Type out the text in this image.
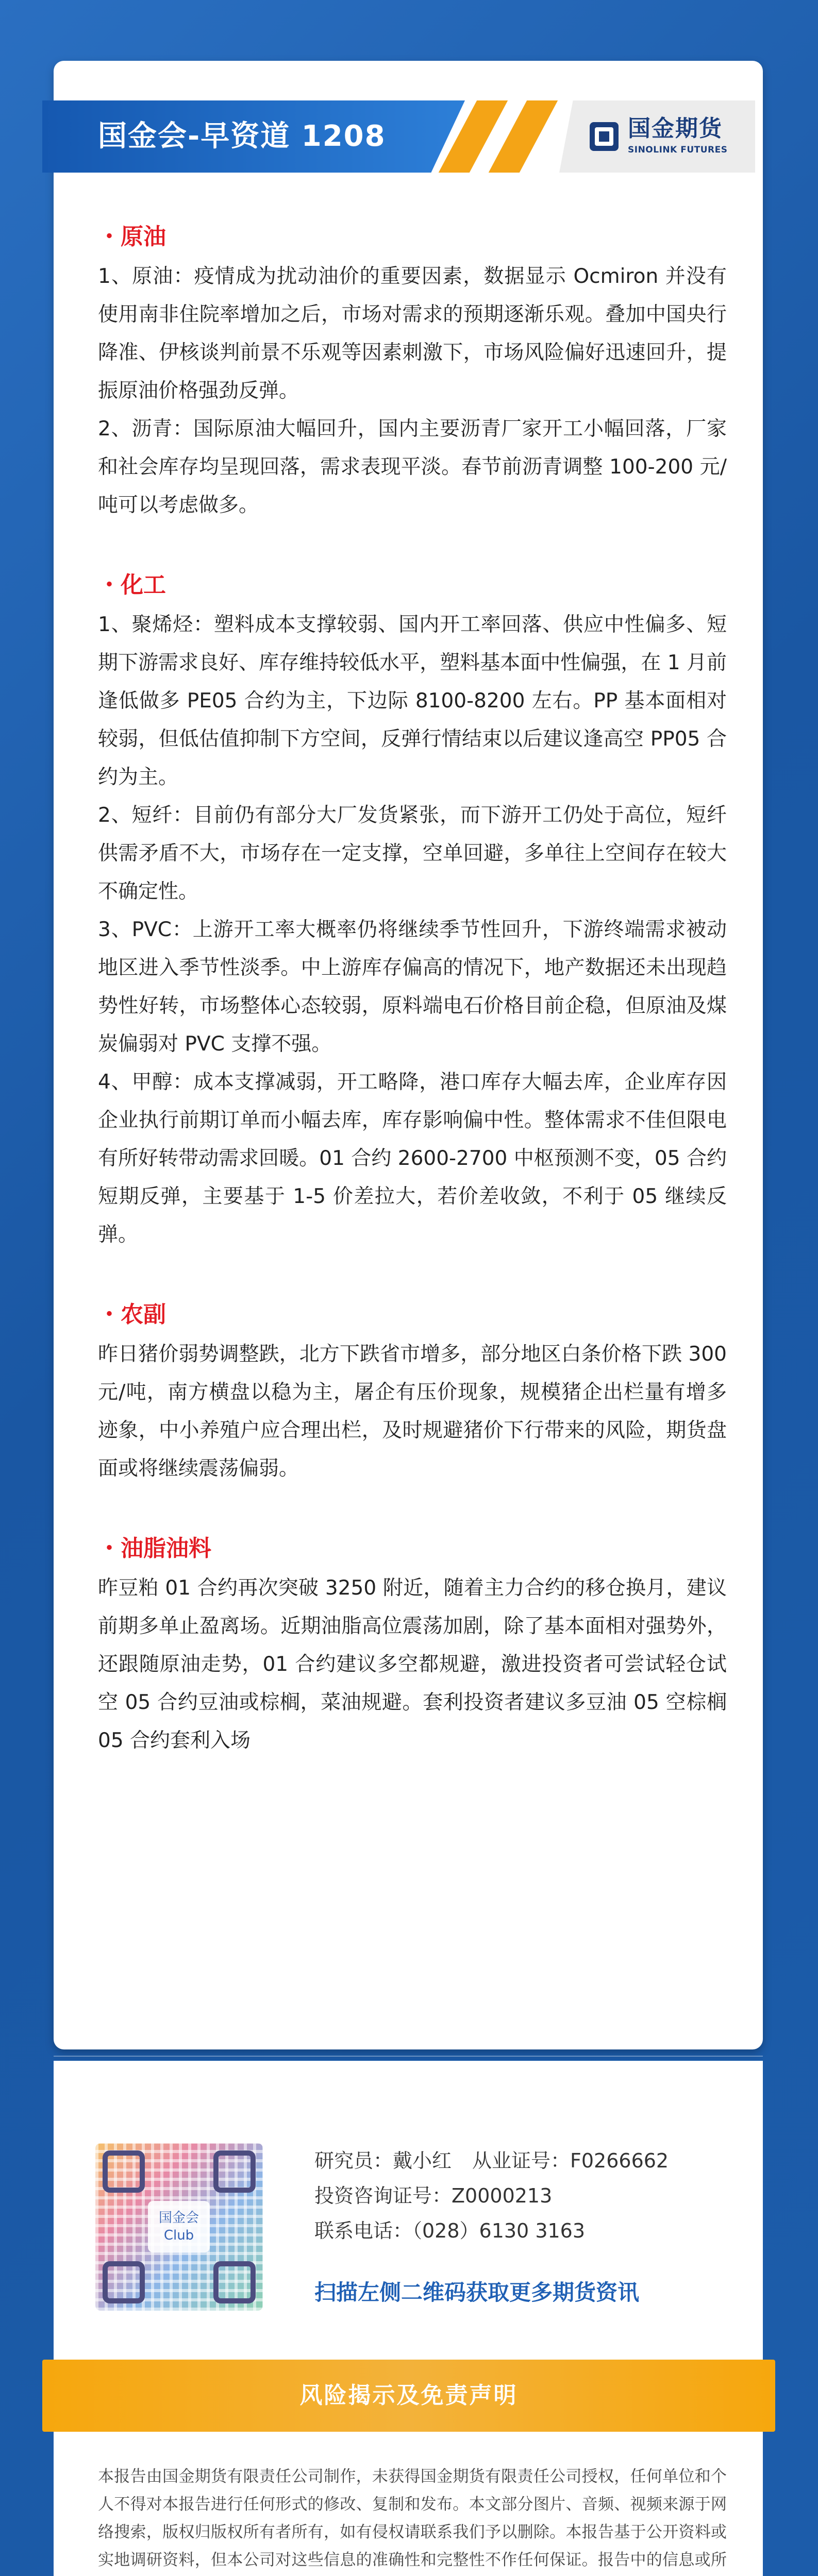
国金会-早资道 1208	国金期货
SINOLINK FUTURES

・原油

1、原油：疫情成为扰动油价的重要因素，数据显示 Ocmiron 并没有使用南非住院率增加之后，市场对需求的预期逐渐乐观。叠加中国央行降准、伊核谈判前景不乐观等因素刺激下，市场风险偏好迅速回升，提振原油价格强劲反弹。

2、沥青：国际原油大幅回升，国内主要沥青厂家开工小幅回落，厂家和社会库存均呈现回落，需求表现平淡。春节前沥青调整 100-200 元/吨可以考虑做多。

・化工

1、聚烯烃：塑料成本支撑较弱、国内开工率回落、供应中性偏多、短期下游需求良好、库存维持较低水平，塑料基本面中性偏强，在 1 月前逢低做多 PE05 合约为主，下边际 8100-8200 左右。PP 基本面相对较弱，但低估值抑制下方空间，反弹行情结束以后建议逢高空 PP05 合约为主。

2、短纤：目前仍有部分大厂发货紧张，而下游开工仍处于高位，短纤供需矛盾不大，市场存在一定支撑，空单回避，多单往上空间存在较大不确定性。

3、PVC：上游开工率大概率仍将继续季节性回升，下游终端需求被动地区进入季节性淡季。中上游库存偏高的情况下，地产数据还未出现趋势性好转，市场整体心态较弱，原料端电石价格目前企稳，但原油及煤炭偏弱对 PVC 支撑不强。

4、甲醇：成本支撑减弱，开工略降，港口库存大幅去库，企业库存因企业执行前期订单而小幅去库，库存影响偏中性。整体需求不佳但限电有所好转带动需求回暖。01 合约 2600-2700 中枢预测不变，05 合约短期反弹，主要基于 1-5 价差拉大，若价差收敛，不利于 05 继续反弹。

・农副

昨日猪价弱势调整跌，北方下跌省市增多，部分地区白条价格下跌 300 元/吨，南方横盘以稳为主，屠企有压价现象，规模猪企出栏量有增多迹象，中小养殖户应合理出栏，及时规避猪价下行带来的风险，期货盘面或将继续震荡偏弱。

・油脂油料

昨豆粕 01 合约再次突破 3250 附近，随着主力合约的移仓换月，建议前期多单止盈离场。近期油脂高位震荡加剧，除了基本面相对强势外，还跟随原油走势，01 合约建议多空都规避，激进投资者可尝试轻仓试空 05 合约豆油或棕榈，菜油规避。套利投资者建议多豆油 05 空棕榈 05 合约套利入场

国金会
Club
研究员：戴小红 从业证号：F0266662
投资咨询证号：Z0000213
联系电话：（028）6130 3163
扫描左侧二维码获取更多期货资讯
风险揭示及免责声明
本报告由国金期货有限责任公司制作，未获得国金期货有限责任公司授权，任何单位和个人不得对本报告进行任何形式的修改、复制和发布。本文部分图片、音频、视频来源于网络搜索，版权归版权所有者所有，如有侵权请联系我们予以删除。本报告基于公开资料或实地调研资料，但本公司对这些信息的准确性和完整性不作任何保证。报告中的信息或所
